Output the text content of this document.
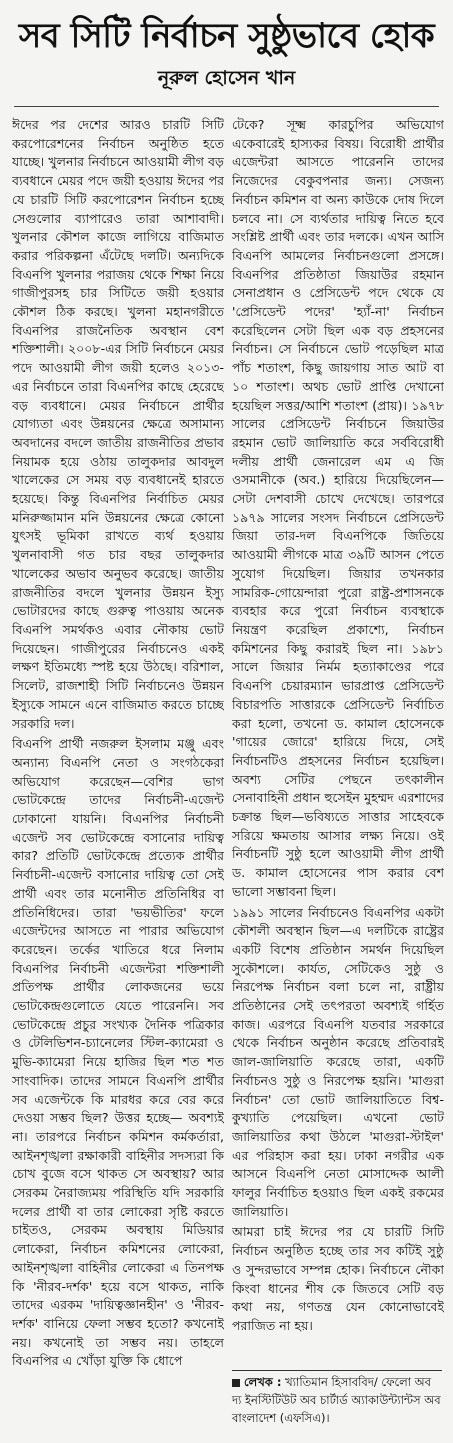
সব সিটি নির্বাচন সুষ্ঠুভাবে হোক
নূরুল হোসেন খান

ঈদের পর দেশের আরও চারটি সিটি করপোরেশনের নির্বাচন অনুষ্ঠিত হতে যাচ্ছে। খুলনার নির্বাচনে আওয়ামী লীগ বড় ব্যবধানে মেয়র পদে জয়ী হওয়ায় ঈদের পর যে চারটি সিটি করপোরেশন নির্বাচন হচ্ছে সেগুলোর ব্যাপারেও তারা আশাবাদী। খুলনার কৌশল কাজে লাগিয়ে বাজিমাত করার পরিকল্পনা এঁটেছে দলটি। অন্যদিকে বিএনপি খুলনার পরাজয় থেকে শিক্ষা নিয়ে গাজীপুরসহ চার সিটিতে জয়ী হওয়ার কৌশল ঠিক করছে। খুলনা মহানগরীতে বিএনপির রাজনৈতিক অবস্থান বেশ শক্তিশালী। ২০০৮-এর সিটি নির্বাচনে মেয়র পদে আওয়ামী লীগ জয়ী হলেও ২০১৩-এর নির্বাচনে তারা বিএনপির কাছে হেরেছে বড় ব্যবধানে। মেয়র নির্বাচনে প্রার্থীর যোগ্যতা এবং উন্নয়নের ক্ষেত্রে অসামান্য অবদানের বদলে জাতীয় রাজনীতির প্রভাব নিয়ামক হয়ে ওঠায় তালুকদার আবদুল খালেকের সে সময় বড় ব্যবধানেই হারতে হয়েছে। কিন্তু বিএনপির নির্বাচিত মেয়র মনিরুজ্জামান মনি উন্নয়নের ক্ষেত্রে কোনো যুৎসই ভূমিকা রাখতে ব্যর্থ হওয়ায় খুলনাবাসী গত চার বছর তালুকদার খালেকের অভাব অনুভব করেছে। জাতীয় রাজনীতির বদলে খুলনার উন্নয়ন ইস্যু ভোটারদের কাছে গুরুত্ব পাওয়ায় অনেক বিএনপি সমর্থকও এবার নৌকায় ভোট দিয়েছেন। গাজীপুরের নির্বাচনেও একই লক্ষণ ইতিমধ্যে স্পষ্ট হয়ে উঠছে। বরিশাল, সিলেট, রাজশাহী সিটি নির্বাচনেও উন্নয়ন ইস্যুকে সামনে এনে বাজিমাত করতে চাচ্ছে সরকারি দল।

বিএনপি প্রার্থী নজরুল ইসলাম মঞ্জু এবং অন্যান্য বিএনপি নেতা ও সংগঠকেরা অভিযোগ করেছেন—বেশির ভাগ ভোটকেন্দ্রে তাদের নির্বাচনী-এজেন্ট ঢোকানো যায়নি। বিএনপির নির্বাচনী এজেন্ট সব ভোটকেন্দ্রে বসানোর দায়িত্ব কার? প্রতিটি ভোটকেন্দ্রে প্রত্যেক প্রার্থীর নির্বাচনী-এজেন্ট বসানোর দায়িত্ব তো সেই প্রার্থী এবং তার মনোনীত প্রতিনিধির বা প্রতিনিধিদের। তারা 'ভয়ভীতির' ফলে এজেন্টদের আসতে না পারার অভিযোগ করেছেন। তর্কের খাতিরে ধরে নিলাম বিএনপির নির্বাচনী এজেন্টরা শক্তিশালী প্রতিপক্ষ প্রার্থীর লোকজনের ভয়ে ভোটকেন্দ্রগুলোতে যেতে পারেননি। সব ভোটকেন্দ্রে প্রচুর সংখ্যক দৈনিক পত্রিকার ও টেলিভিশন-চ্যানেলের স্টিল-ক্যামেরা ও মুভি-ক্যামেরা নিয়ে হাজির ছিল শত শত সাংবাদিক। তাদের সামনে বিএনপি প্রার্থীর সব এজেন্টকে কি মারধর করে বের করে দেওয়া সম্ভব ছিল? উত্তর হচ্ছে— অবশ্যই না। তারপরে নির্বাচন কমিশন কর্মকর্তারা, আইনশৃঙ্খলা রক্ষাকারী বাহিনীর সদস্যরা কি চোখ বুজে বসে থাকত সে অবস্থায়? আর সেরকম নৈরাজ্যময় পরিস্থিতি যদি সরকারি দলের প্রার্থী বা তার লোকেরা সৃষ্টি করতে চাইতও, সেরকম অবস্থায় মিডিয়ার লোকেরা, নির্বাচন কমিশনের লোকেরা, আইনশৃঙ্খলা বাহিনীর লোকেরা এ তিনপক্ষ কি 'নীরব-দর্শক' হয়ে বসে থাকত, নাকি তাদের এরকম 'দায়িত্বজ্ঞানহীন' ও 'নীরব-দর্শক' বানিয়ে ফেলা সম্ভব হতো? কখনোই নয়। কখনোই তা সম্ভব নয়। তাহলে বিএনপির এ খোঁড়া যুক্তি কি ধোপে

টেকে? সূক্ষ্ম কারচুপির অভিযোগ একেবারেই হাস্যকর বিষয়। বিরোধী প্রার্থীর এজেন্টরা আসতে পারেননি তাদের নিজেদের বেকুবপনার জন্য। সেজন্য নির্বাচন কমিশন বা অন্য কাউকে দোষ দিলে চলবে না। সে ব্যর্থতার দায়িত্ব নিতে হবে সংশ্লিষ্ট প্রার্থী এবং তার দলকে। এখন আসি বিএনপি আমলের নির্বাচনগুলো প্রসঙ্গে। বিএনপির প্রতিষ্ঠাতা জিয়াউর রহমান সেনাপ্রধান ও প্রেসিডেন্ট পদে থেকে যে 'প্রেসিডেন্ট পদের' 'হ্যাঁ-না' নির্বাচন করেছিলেন সেটা ছিল এক বড় প্রহসনের নির্বাচন। সে নির্বাচনে ভোট পড়েছিল মাত্র পাঁচ শতাংশ, কিছু জায়গায় সাত আট বা ১০ শতাংশ। অথচ ভোট প্রাপ্তি দেখানো হয়েছিল সত্তর/আশি শতাংশ (প্রায়)। ১৯৭৮ সালের প্রেসিডেন্ট নির্বাচনে জিয়াউর রহমান ভোট জালিয়াতি করে সর্ববিরোধী দলীয় প্রার্থী জেনারেল এম এ জি ওসমানীকে (অব.) হারিয়ে দিয়েছিলেন—সেটা দেশবাসী চোখে দেখেছে। তারপরে ১৯৭৯ সালের সংসদ নির্বাচনে প্রেসিডেন্ট জিয়া তার-দল বিএনপিকে জিতিয়ে আওয়ামী লীগকে মাত্র ৩৯টি আসন পেতে সুযোগ দিয়েছিল। জিয়ার তখনকার সামরিক-গোয়েন্দারা পুরো রাষ্ট্র-প্রশাসনকে ব্যবহার করে পুরো নির্বাচন ব্যবস্থাকে নিয়ন্ত্রণ করেছিল প্রকাশ্যে, নির্বাচন কমিশনের কিছু করারই ছিল না। ১৯৮১ সালে জিয়ার নির্মম হত্যাকাণ্ডের পরে বিএনপি চেয়ারম্যান ভারপ্রাপ্ত প্রেসিডেন্ট বিচারপতি সাত্তারকে প্রেসিডেন্ট নির্বাচিত করা হলো, তখনো ড. কামাল হোসেনকে 'গায়ের জোরে' হারিয়ে দিয়ে, সেই নির্বাচনটিও প্রহসনের নির্বাচন হয়েছিল। অবশ্য সেটির পেছনে তৎকালীন সেনাবাহিনী প্রধান হুসেইন মুহম্মদ এরশাদের চক্রান্ত ছিল—ভবিষ্যতে সাত্তার সাহেবকে সরিয়ে ক্ষমতায় আসার লক্ষ্য নিয়ে। ওই নির্বাচনটি সুষ্ঠু হলে আওয়ামী লীগ প্রার্থী ড. কামাল হোসেনের পাস করার বেশ ভালো সম্ভাবনা ছিল।

১৯৯১ সালের নির্বাচনেও বিএনপির একটা কৌশলী অবস্থান ছিল—এ দলটিকে রাষ্ট্রের একটি বিশেষ প্রতিষ্ঠান সমর্থন দিয়েছিল সুকৌশলে। কার্যত, সেটিকেও সুষ্ঠু ও নিরপেক্ষ নির্বাচন বলা চলে না, রাষ্ট্রীয় প্রতিষ্ঠানের সেই তৎপরতা অবশ্যই গর্হিত কাজ। এরপরে বিএনপি যতবার সরকারে থেকে নির্বাচন অনুষ্ঠান করেছে প্রতিবারই জাল-জালিয়াতি করেছে তারা, একটি নির্বাচনও সুষ্ঠু ও নিরপেক্ষ হয়নি। 'মাগুরা নির্বাচন' তো ভোট জালিয়াতিতে বিশ্ব-কুখ্যাতি পেয়েছিল। এখনো ভোট জালিয়াতির কথা উঠলে 'মাগুরা-স্টাইল' এর পরিহাস করা হয়। ঢাকা নগরীর এক আসনে বিএনপি নেতা মোসাদ্দেক আলী ফালুর নির্বাচিত হওয়াও ছিল একই রকমের জালিয়াতি।

আমরা চাই ঈদের পর যে চারটি সিটি নির্বাচন অনুষ্ঠিত হচ্ছে তার সব কটিই সুষ্ঠু ও সুন্দরভাবে সম্পন্ন হোক। নির্বাচনে নৌকা কিংবা ধানের শীষ কে জিতবে সেটি বড় কথা নয়, গণতন্ত্র যেন কোনোভাবেই পরাজিত না হয়।

লেখক : খ্যাতিমান হিসাববিদ/ ফেলো অব দ্য ইনস্টিটিউট অব চার্টার্ড অ্যাকাউন্ট্যান্টস অব বাংলাদেশ (এফসিএ)।
